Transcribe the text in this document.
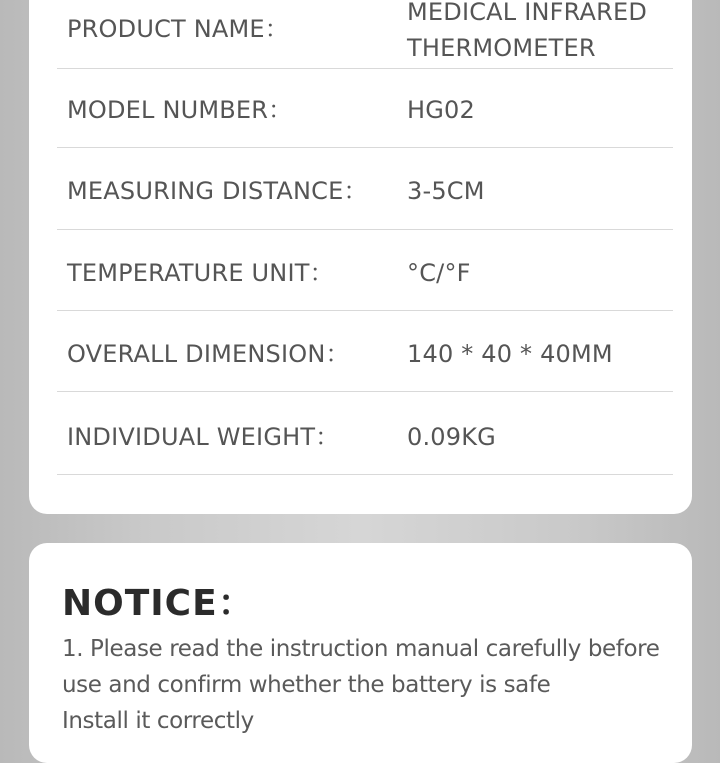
PRODUCT NAME：
MEDICAL INFRARED
THERMOMETER
MODEL NUMBER：	HG02
MEASURING DISTANCE： 3-5CM
TEMPERATURE UNIT：	°C/°F
OVERALL DIMENSION： 140 * 40 * 40MM
INDIVIDUAL WEIGHT：	0.09KG
NOTICE：
1. Please read the instruction manual carefully before
use and confirm whether the battery is safe
Install it correctly
